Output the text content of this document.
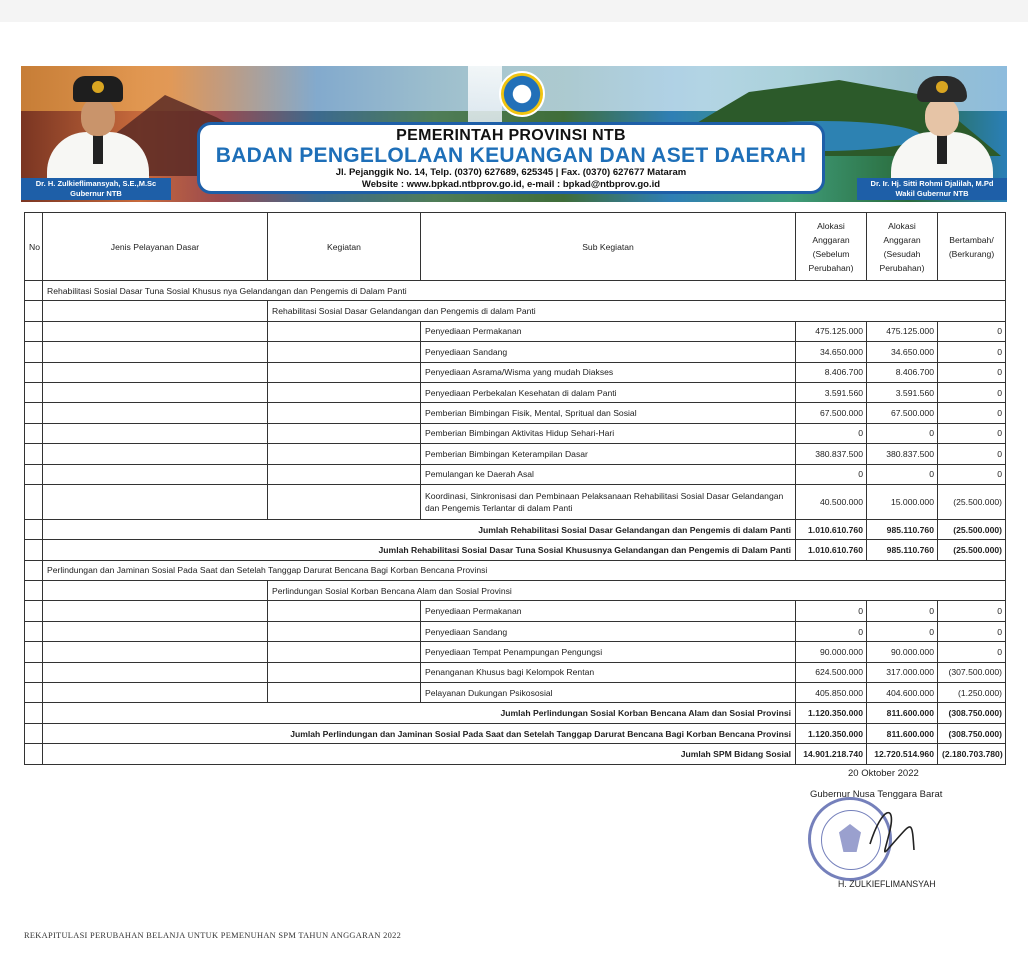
Dr. H. Zulkieflimansyah, S.E.,M.Sc
Gubernur NTB
Dr. Ir. Hj. Sitti Rohmi Djalilah, M.Pd
Wakil Gubernur NTB
PEMERINTAH PROVINSI NTB
BADAN PENGELOLAAN KEUANGAN DAN ASET DAERAH
Jl. Pejanggik No. 14, Telp. (0370) 627689, 625345 | Fax. (0370) 627677 Mataram
Website : www.bpkad.ntbprov.go.id, e-mail : bpkad@ntbprov.go.id
No	Jenis Pelayanan Dasar	Kegiatan	Sub Kegiatan	Alokasi Anggaran (Sebelum Perubahan)	Alokasi Anggaran (Sesudah Perubahan)	Bertambah/ (Berkurang)
	Rehabilitasi Sosial Dasar Tuna Sosial Khusus nya Gelandangan dan Pengemis di Dalam Panti					
		Rehabilitasi Sosial Dasar Gelandangan dan Pengemis di dalam Panti				
			Penyediaan Permakanan	475.125.000	475.125.000	0
			Penyediaan Sandang	34.650.000	34.650.000	0
			Penyediaan Asrama/Wisma yang mudah Diakses	8.406.700	8.406.700	0
			Penyediaan Perbekalan Kesehatan di dalam Panti	3.591.560	3.591.560	0
			Pemberian Bimbingan Fisik, Mental, Spritual dan Sosial	67.500.000	67.500.000	0
			Pemberian Bimbingan Aktivitas Hidup Sehari-Hari	0	0	0
			Pemberian Bimbingan Keterampilan Dasar	380.837.500	380.837.500	0
			Pemulangan ke Daerah Asal	0	0	0
			Koordinasi, Sinkronisasi dan Pembinaan Pelaksanaan Rehabilitasi Sosial Dasar Gelandangan dan Pengemis Terlantar di dalam Panti	40.500.000	15.000.000	(25.500.000)
	Jumlah Rehabilitasi Sosial Dasar Gelandangan dan Pengemis di dalam Panti			1.010.610.760	985.110.760	(25.500.000)
	Jumlah Rehabilitasi Sosial Dasar Tuna Sosial Khususnya Gelandangan dan Pengemis di Dalam Panti			1.010.610.760	985.110.760	(25.500.000)
	Perlindungan dan Jaminan Sosial Pada Saat dan Setelah Tanggap Darurat Bencana Bagi Korban Bencana Provinsi					
		Perlindungan Sosial Korban Bencana Alam dan Sosial Provinsi				
			Penyediaan Permakanan	0	0	0
			Penyediaan Sandang	0	0	0
			Penyediaan Tempat Penampungan Pengungsi	90.000.000	90.000.000	0
			Penanganan Khusus bagi Kelompok Rentan	624.500.000	317.000.000	(307.500.000)
			Pelayanan Dukungan Psikososial	405.850.000	404.600.000	(1.250.000)
	Jumlah Perlindungan Sosial Korban Bencana Alam dan Sosial Provinsi			1.120.350.000	811.600.000	(308.750.000)
	Jumlah Perlindungan dan Jaminan Sosial Pada Saat dan Setelah Tanggap Darurat Bencana Bagi Korban Bencana Provinsi			1.120.350.000	811.600.000	(308.750.000)
	Jumlah SPM Bidang Sosial			14.901.218.740	12.720.514.960	(2.180.703.780)
20 Oktober 2022
Gubernur Nusa Tenggara Barat
H. ZULKIEFLIMANSYAH
REKAPITULASI PERUBAHAN BELANJA UNTUK PEMENUHAN SPM TAHUN ANGGARAN 2022
